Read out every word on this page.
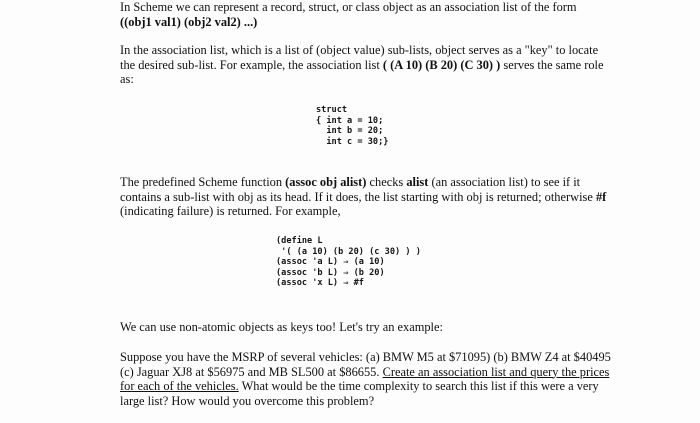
In Scheme we can represent a record, struct, or class object as an association list of the form
((obj1 val1) (obj2 val2) ...)

In the association list, which is a list of (object value) sub-lists, object serves as a "key" to locate the desired sub-list. For example, the association list ( (A 10) (B 20) (C 30) ) serves the same role as:

struct
{ int a = 10;
int b = 20;
int c = 30;}

The predefined Scheme function (assoc obj alist) checks alist (an association list) to see if it contains a sub-list with obj as its head. If it does, the list starting with obj is returned; otherwise #f (indicating failure) is returned. For example,

(define L
'( (a 10) (b 20) (c 30) ) )
(assoc 'a L) ⇒ (a 10)
(assoc 'b L) ⇒ (b 20)
(assoc 'x L) ⇒ #f

We can use non-atomic objects as keys too! Let's try an example:

Suppose you have the MSRP of several vehicles: (a) BMW M5 at $71095) (b) BMW Z4 at $40495 (c) Jaguar XJ8 at $56975 and MB SL500 at $86655. Create an association list and query the prices for each of the vehicles. What would be the time complexity to search this list if this were a very large list? How would you overcome this problem?
